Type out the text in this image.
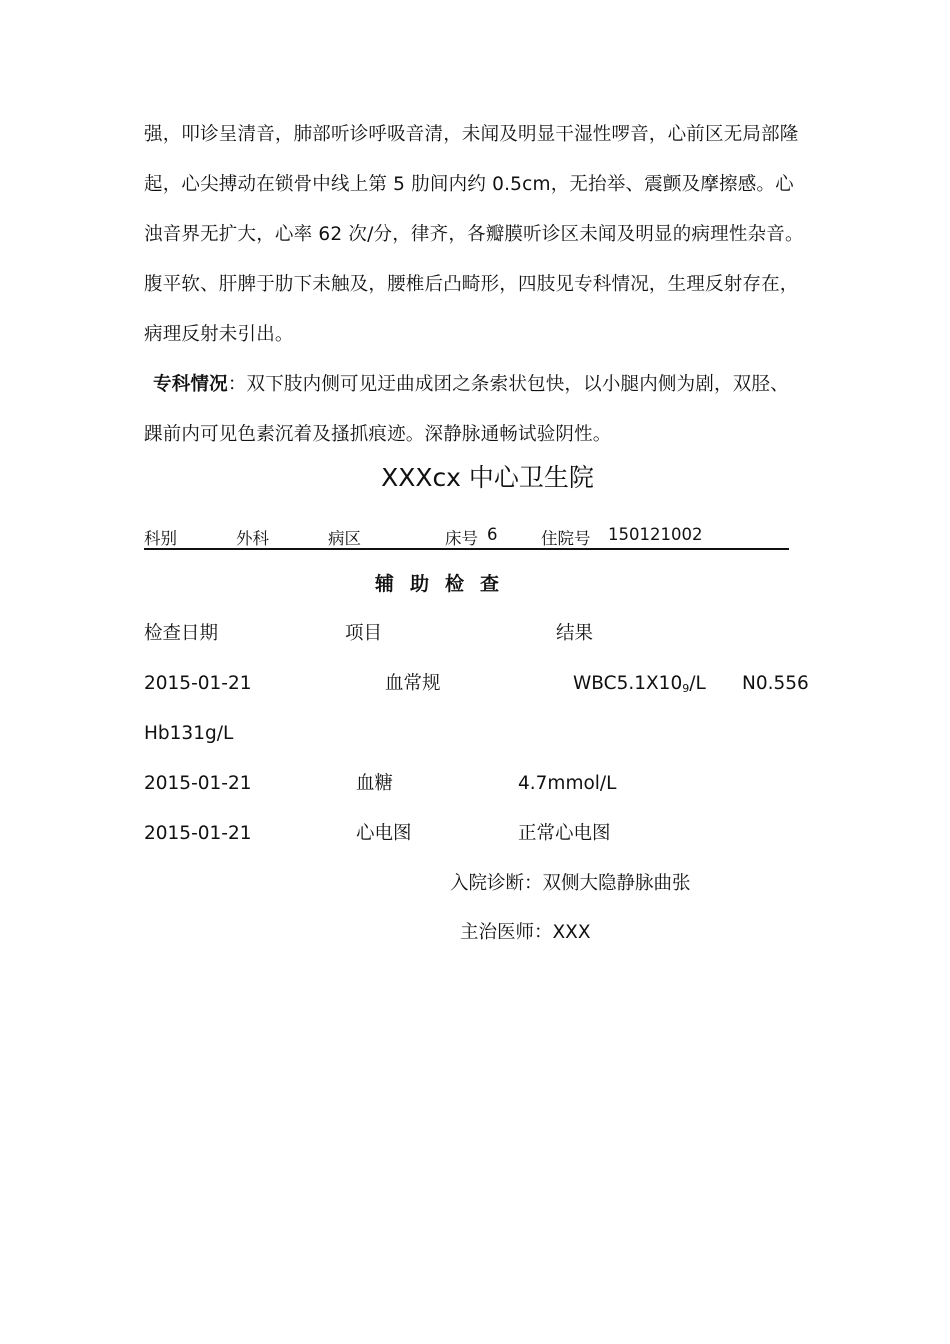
强，叩诊呈清音，肺部听诊呼吸音清，未闻及明显干湿性啰音，心前区无局部隆
起，心尖搏动在锁骨中线上第 5 肋间内约 0.5cm，无抬举、震颤及摩擦感。心
浊音界无扩大，心率 62 次/分，律齐，各瓣膜听诊区未闻及明显的病理性杂音。
腹平软、肝脾于肋下未触及，腰椎后凸畸形，四肢见专科情况，生理反射存在，
病理反射未引出。
专科情况：双下肢内侧可见迂曲成团之条索状包快，以小腿内侧为剧，双胫、
踝前内可见色素沉着及搔抓痕迹。深静脉通畅试验阴性。
XXXcx 中心卫生院
科别	外科	病区	床号 6	住院号 150121002
辅助检查
检查日期	项目	结果
2015-01-21	血常规	WBC5.1X109/L N0.556
Hb131g/L
2015-01-21	血糖	4.7mmol/L
2015-01-21	心电图	正常心电图
入院诊断：双侧大隐静脉曲张
主治医师：XXX
